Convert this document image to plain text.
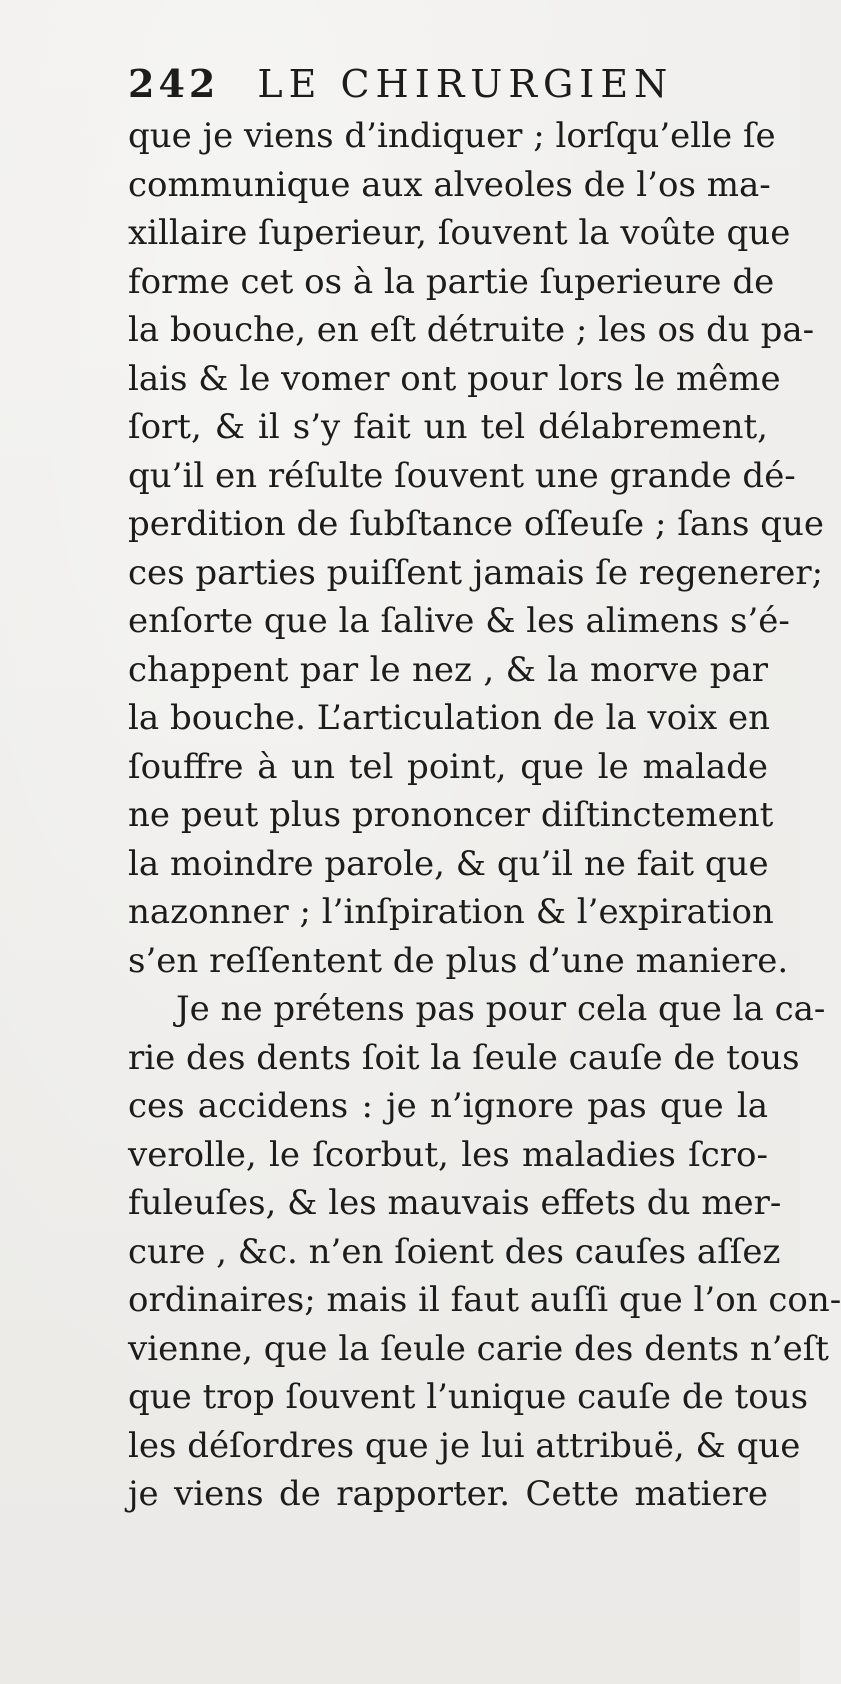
242 LE CHIRURGIEN
que je viens d’indiquer ; lorſqu’elle ſe
communique aux alveoles de l’os ma-
xillaire ſuperieur, ſouvent la voûte que
forme cet os à la partie ſuperieure de
la bouche, en eſt détruite ; les os du pa-
lais & le vomer ont pour lors le même
ſort, & il s’y fait un tel délabrement,
qu’il en réſulte ſouvent une grande dé-
perdition de ſubſtance oſſeuſe ; ſans que
ces parties puiſſent jamais ſe regenerer;
enſorte que la ſalive & les alimens s’é-
chappent par le nez , & la morve par
la bouche. L’articulation de la voix en
ſouffre à un tel point, que le malade
ne peut plus prononcer diſtinctement
la moindre parole, & qu’il ne fait que
nazonner ; l’inſpiration & l’expiration
s’en reſſentent de plus d’une maniere.
Je ne prétens pas pour cela que la ca-
rie des dents ſoit la ſeule cauſe de tous
ces accidens : je n’ignore pas que la
verolle, le ſcorbut, les maladies ſcro-
fuleuſes, & les mauvais effets du mer-
cure , &c. n’en ſoient des cauſes aſſez
ordinaires; mais il faut auſſi que l’on con-
vienne, que la ſeule carie des dents n’eſt
que trop ſouvent l’unique cauſe de tous
les déſordres que je lui attribuë, & que
je viens de rapporter. Cette matiere
